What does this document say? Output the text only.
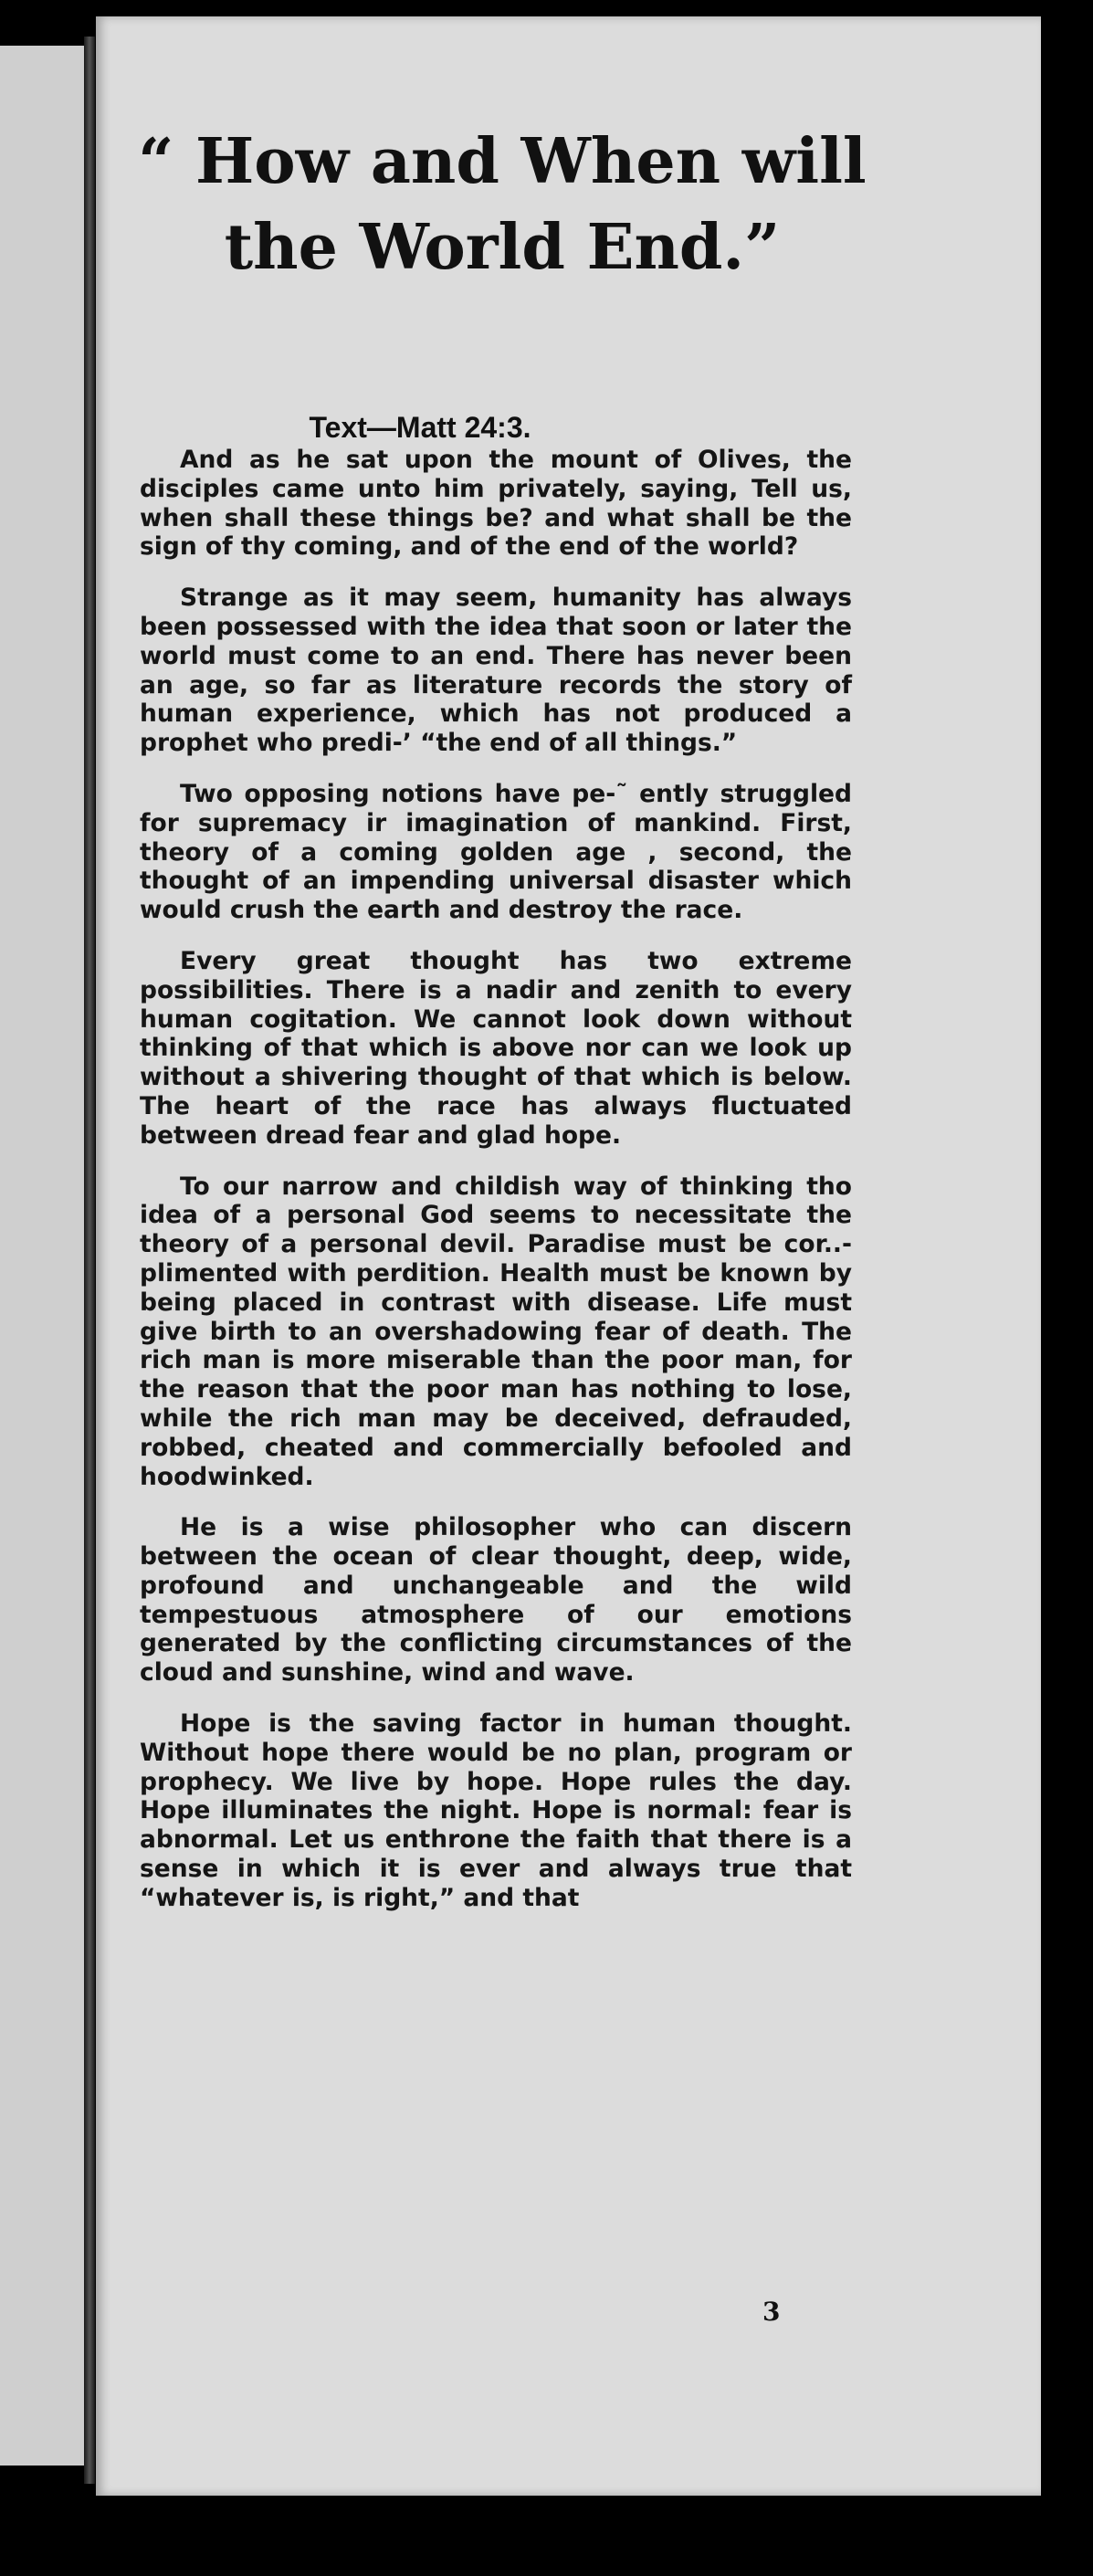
“ How and When will the World End.”
Text—Matt 24:3.

And as he sat upon the mount of Olives, the disciples came unto him privately, saying, Tell us, when shall these things be? and what shall be the sign of thy coming, and of the end of the world?

Strange as it may seem, humanity has always been possessed with the idea that soon or later the world must come to an end. There has never been an age, so far as literature records the story of human experience, which has not produced a prophet who predi-’ “the end of all things.”

Two opposing notions have pe-˜ ently struggled for supremacy ir imagination of mankind. First, theory of a coming golden age , second, the thought of an impending universal disaster which would crush the earth and destroy the race.

Every great thought has two extreme possibilities. There is a nadir and zenith to every human cogitation. We cannot look down without thinking of that which is above nor can we look up without a shivering thought of that which is below. The heart of the race has always fluctuated between dread fear and glad hope.

To our narrow and childish way of thinking tho idea of a personal God seems to necessitate the theory of a personal devil. Paradise must be cor..-plimented with perdition. Health must be known by being placed in contrast with disease. Life must give birth to an overshadowing fear of death. The rich man is more miserable than the poor man, for the reason that the poor man has nothing to lose, while the rich man may be deceived, defrauded, robbed, cheated and commercially befooled and hoodwinked.

He is a wise philosopher who can discern between the ocean of clear thought, deep, wide, profound and unchangeable and the wild tempestuous atmosphere of our emotions generated by the conflicting circumstances of the cloud and sunshine, wind and wave.

Hope is the saving factor in human thought. Without hope there would be no plan, program or prophecy. We live by hope. Hope rules the day. Hope illuminates the night. Hope is normal: fear is abnormal. Let us enthrone the faith that there is a sense in which it is ever and always true that “whatever is, is right,” and that

3
